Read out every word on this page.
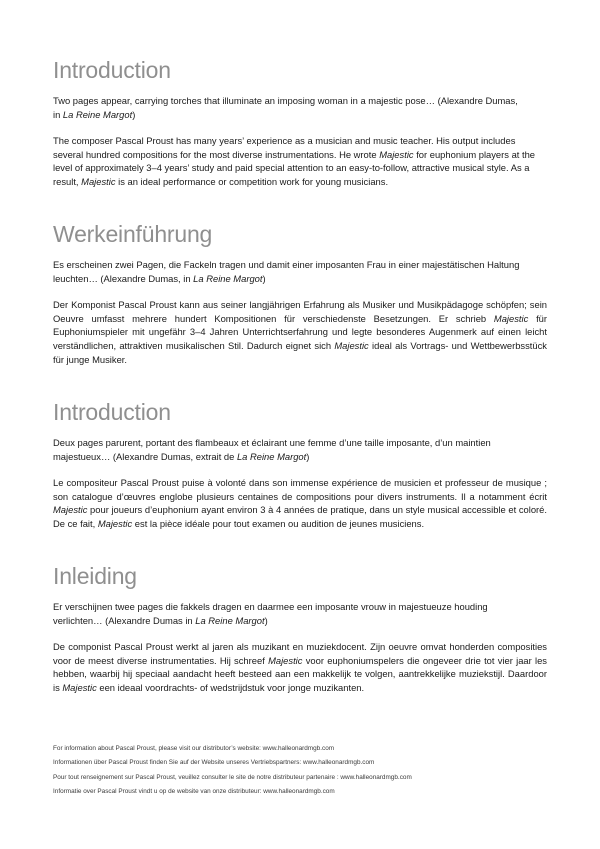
Introduction

Two pages appear, carrying torches that illuminate an imposing woman in a majestic pose… (Alexandre Dumas,
in La Reine Margot)

The composer Pascal Proust has many years’ experience as a musician and music teacher. His output includes several hundred compositions for the most diverse instrumentations. He wrote Majestic for euphonium players at the level of approximately 3–4 years’ study and paid special attention to an easy-to-follow, attractive musical style. As a result, Majestic is an ideal performance or competition work for young musicians.

Werkeinführung

Es erscheinen zwei Pagen, die Fackeln tragen und damit einer imposanten Frau in einer majestätischen Haltung
leuchten… (Alexandre Dumas, in La Reine Margot)

Der Komponist Pascal Proust kann aus seiner langjährigen Erfahrung als Musiker und Musikpädagoge schöpfen; sein Oeuvre umfasst mehrere hundert Kompositionen für verschiedenste Besetzungen. Er schrieb Majestic für Euphoniumspieler mit ungefähr 3–4 Jahren Unterrichtserfahrung und legte besonderes Augenmerk auf einen leicht verständlichen, attraktiven musikalischen Stil. Dadurch eignet sich Majestic ideal als Vortrags- und Wettbewerbsstück für junge Musiker.

Introduction

Deux pages parurent, portant des flambeaux et éclairant une femme d’une taille imposante, d’un maintien
majestueux… (Alexandre Dumas, extrait de La Reine Margot)

Le compositeur Pascal Proust puise à volonté dans son immense expérience de musicien et professeur de musique ; son catalogue d’œuvres englobe plusieurs centaines de compositions pour divers instruments. Il a notamment écrit Majestic pour joueurs d’euphonium ayant environ 3 à 4 années de pratique, dans un style musical accessible et coloré. De ce fait, Majestic est la pièce idéale pour tout examen ou audition de jeunes musiciens.

Inleiding

Er verschijnen twee pages die fakkels dragen en daarmee een imposante vrouw in majestueuze houding
verlichten… (Alexandre Dumas in La Reine Margot)

De componist Pascal Proust werkt al jaren als muzikant en muziekdocent. Zijn oeuvre omvat honderden composities voor de meest diverse instrumentaties. Hij schreef Majestic voor euphoniumspelers die ongeveer drie tot vier jaar les hebben, waarbij hij speciaal aandacht heeft besteed aan een makkelijk te volgen, aantrekkelijke muziekstijl. Daardoor is Majestic een ideaal voordrachts- of wedstrijdstuk voor jonge muzikanten.

For information about Pascal Proust, please visit our distributor’s website: www.halleonardmgb.com
Informationen über Pascal Proust finden Sie auf der Website unseres Vertriebspartners: www.halleonardmgb.com
Pour tout renseignement sur Pascal Proust, veuillez consulter le site de notre distributeur partenaire : www.halleonardmgb.com
Informatie over Pascal Proust vindt u op de website van onze distributeur: www.halleonardmgb.com
